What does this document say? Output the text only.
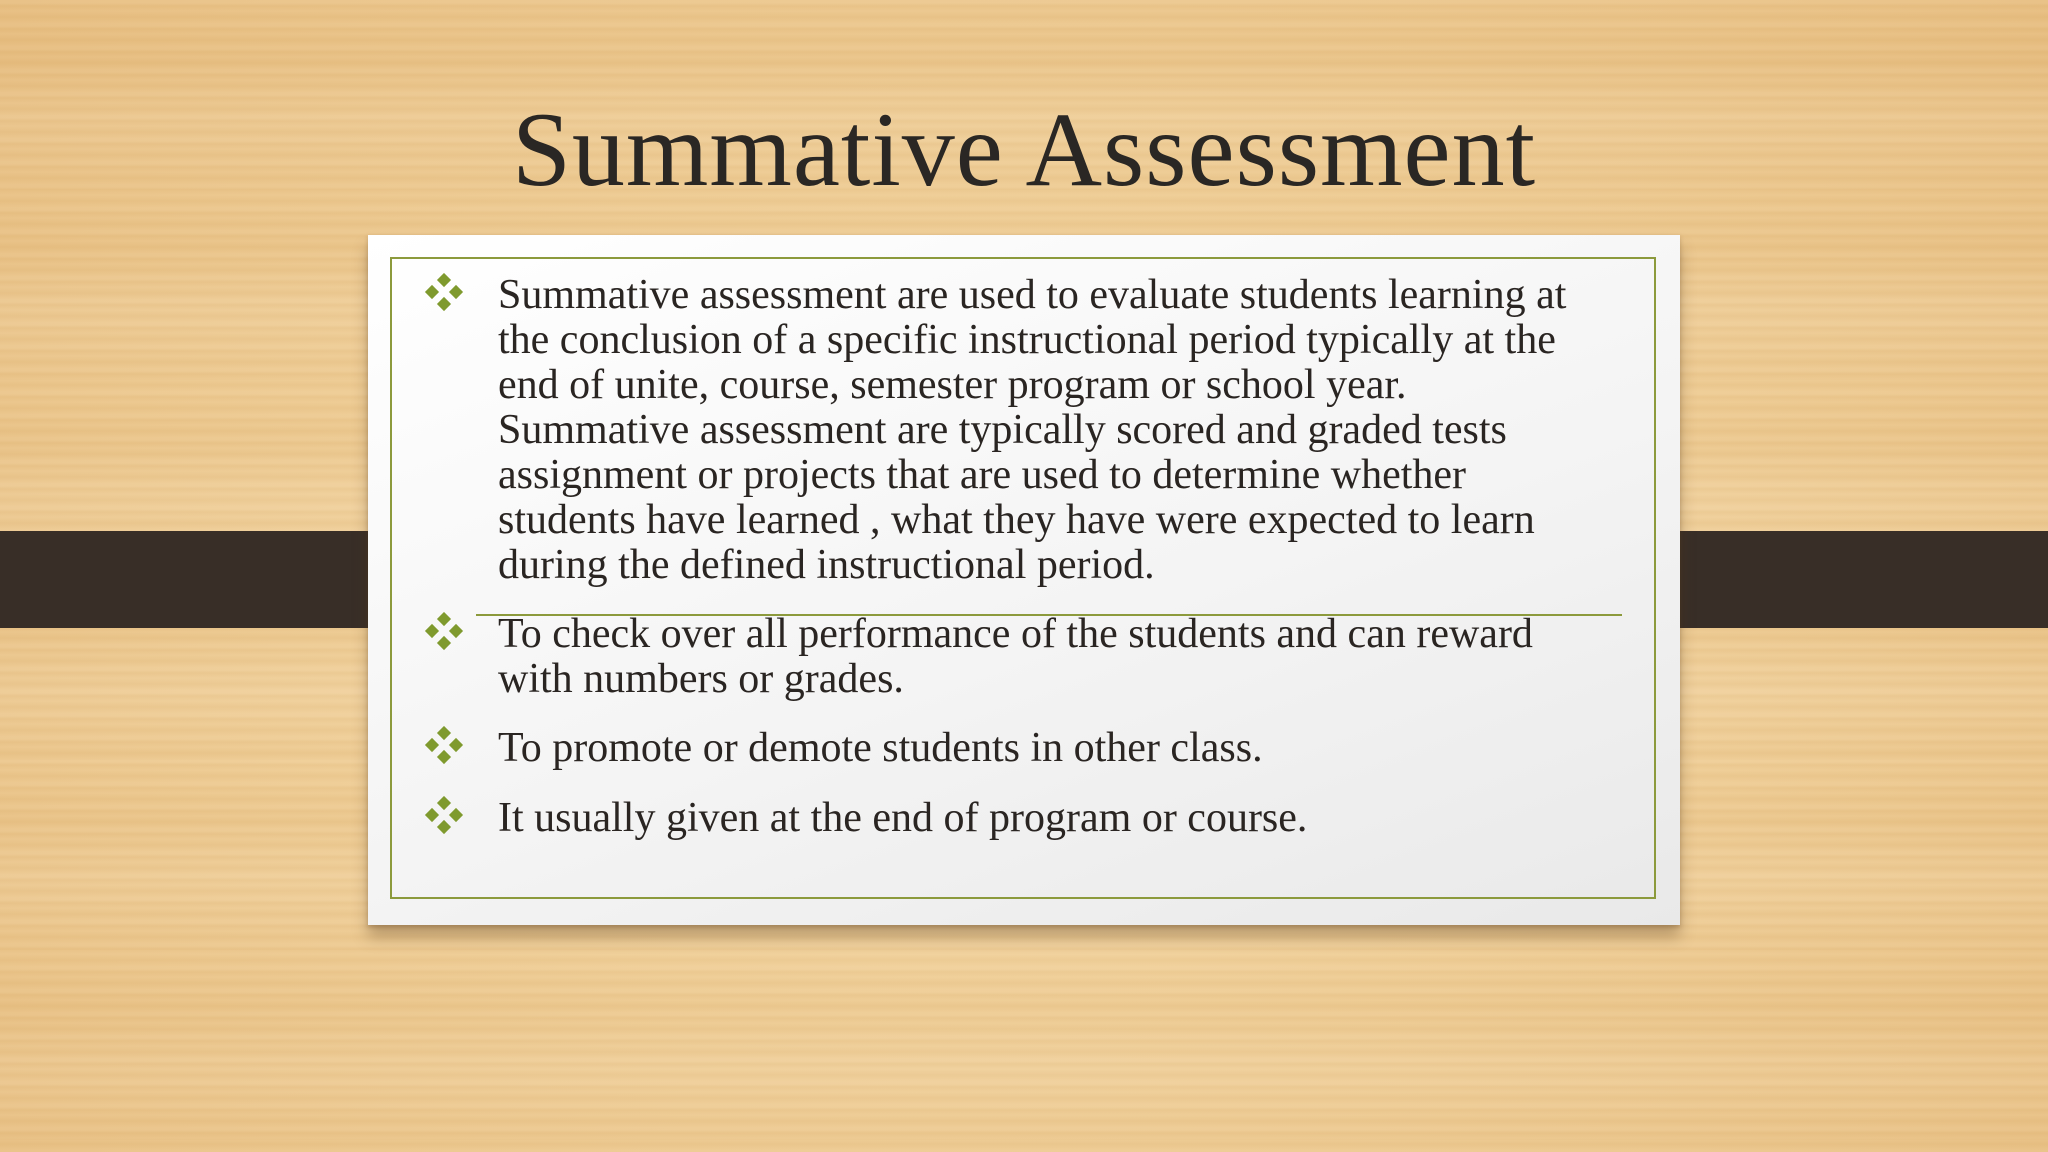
Summative Assessment
Summative assessment are used to evaluate students learning at
the conclusion of a specific instructional period typically at the
end of unite, course, semester program or school year.
Summative assessment are typically scored and graded tests
assignment or projects that are used to determine whether
students have learned , what they have were expected to learn
during the defined instructional period.
To check over all performance of the students and can reward
with numbers or grades.
To promote or demote students in other class.
It usually given at the end of program or course.
